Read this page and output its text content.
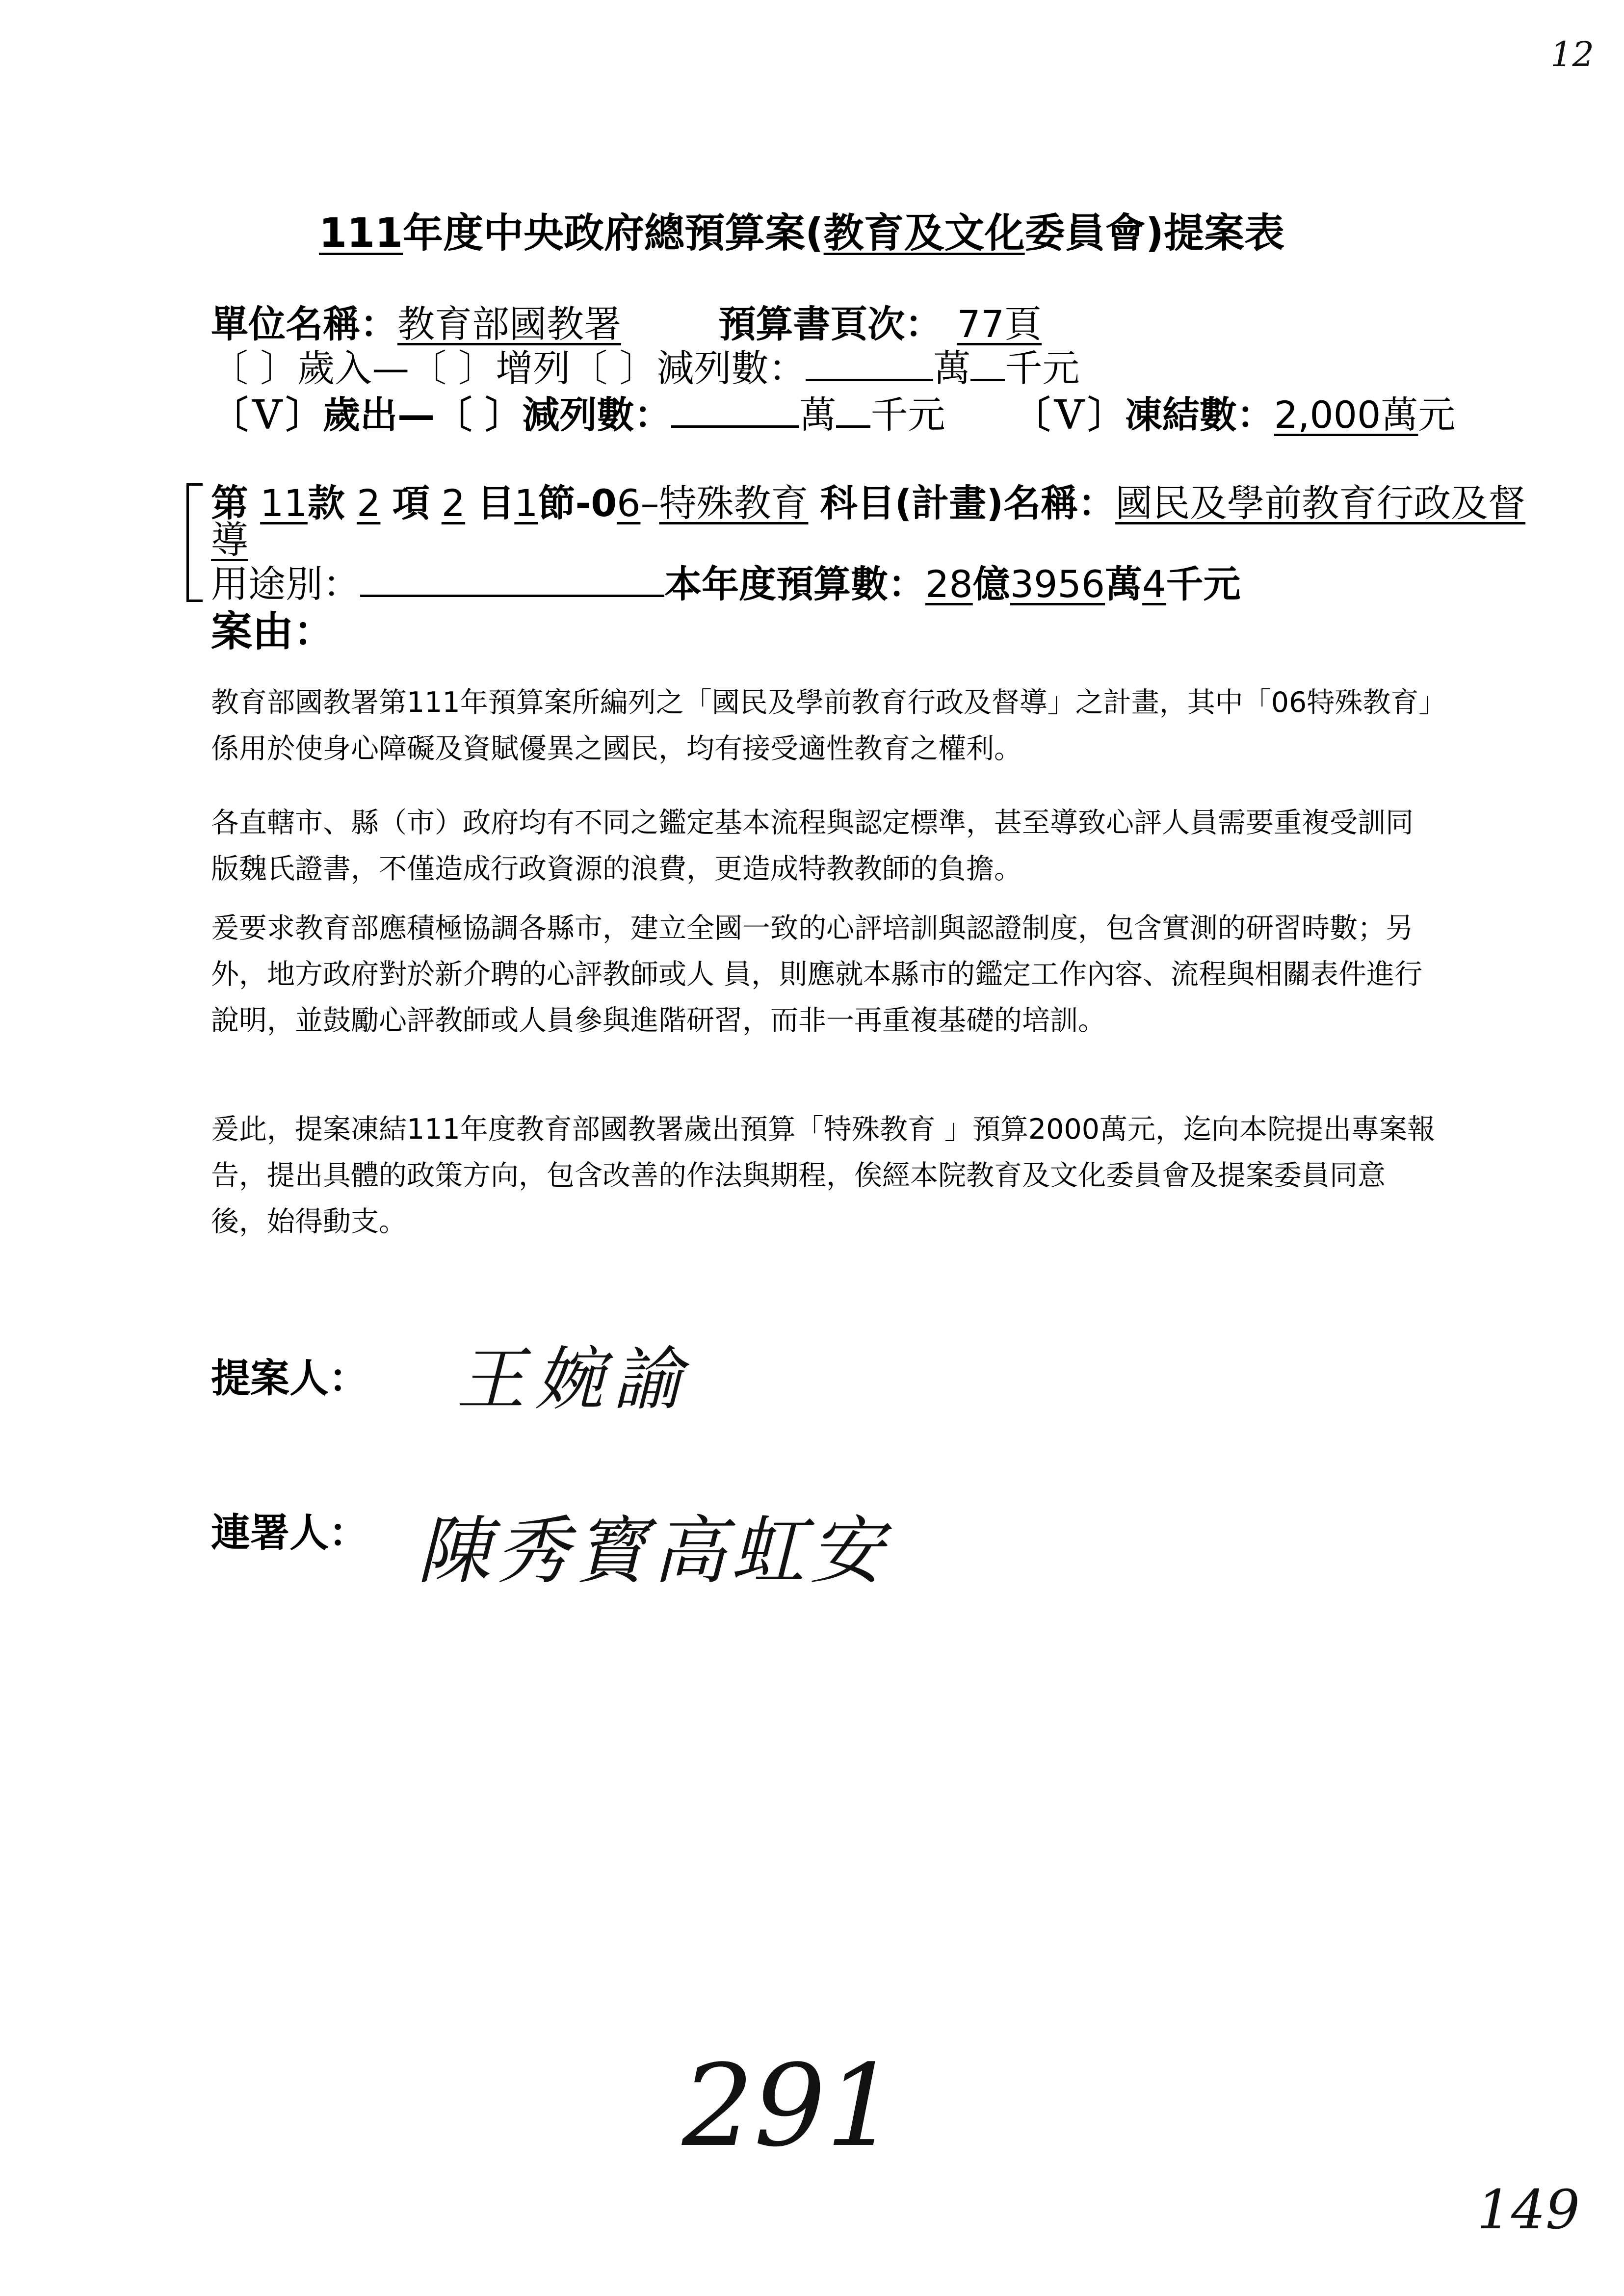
12
111年度中央政府總預算案(教育及文化委員會)提案表
單位名稱：教育部國教署	預算書頁次： 77頁
〔 〕歲入—〔 〕增列〔 〕減列數：	萬 千元
〔Ｖ〕歲出—〔 〕減列數：	萬 千元 〔Ｖ〕凍結數：2,000萬元
第 11款 2 項 2 目1節-06–特殊教育 科目(計畫)名稱：國民及學前教育行政及督
導
用途別：	本年度預算數：28億3956萬4千元
案由：
教育部國教署第111年預算案所編列之「國民及學前教育行政及督導」之計畫，其中「06特殊教育」係用於使身心障礙及資賦優異之國民，均有接受適性教育之權利。
各直轄市、縣（市）政府均有不同之鑑定基本流程與認定標準，甚至導致心評人員需要重複受訓同版魏氏證書，不僅造成行政資源的浪費，更造成特教教師的負擔。
爰要求教育部應積極協調各縣市，建立全國一致的心評培訓與認證制度，包含實測的研習時數；另外，地方政府對於新介聘的心評教師或人 員，則應就本縣市的鑑定工作內容、流程與相關表件進行說明，並鼓勵心評教師或人員參與進階研習，而非一再重複基礎的培訓。
爰此，提案凍結111年度教育部國教署歲出預算「特殊教育 」預算2000萬元，迄向本院提出專案報告，提出具體的政策方向，包含改善的作法與期程，俟經本院教育及文化委員會及提案委員同意後，始得動支。
提案人： 王婉諭
連署人： 陳秀寳高虹安
291
149
